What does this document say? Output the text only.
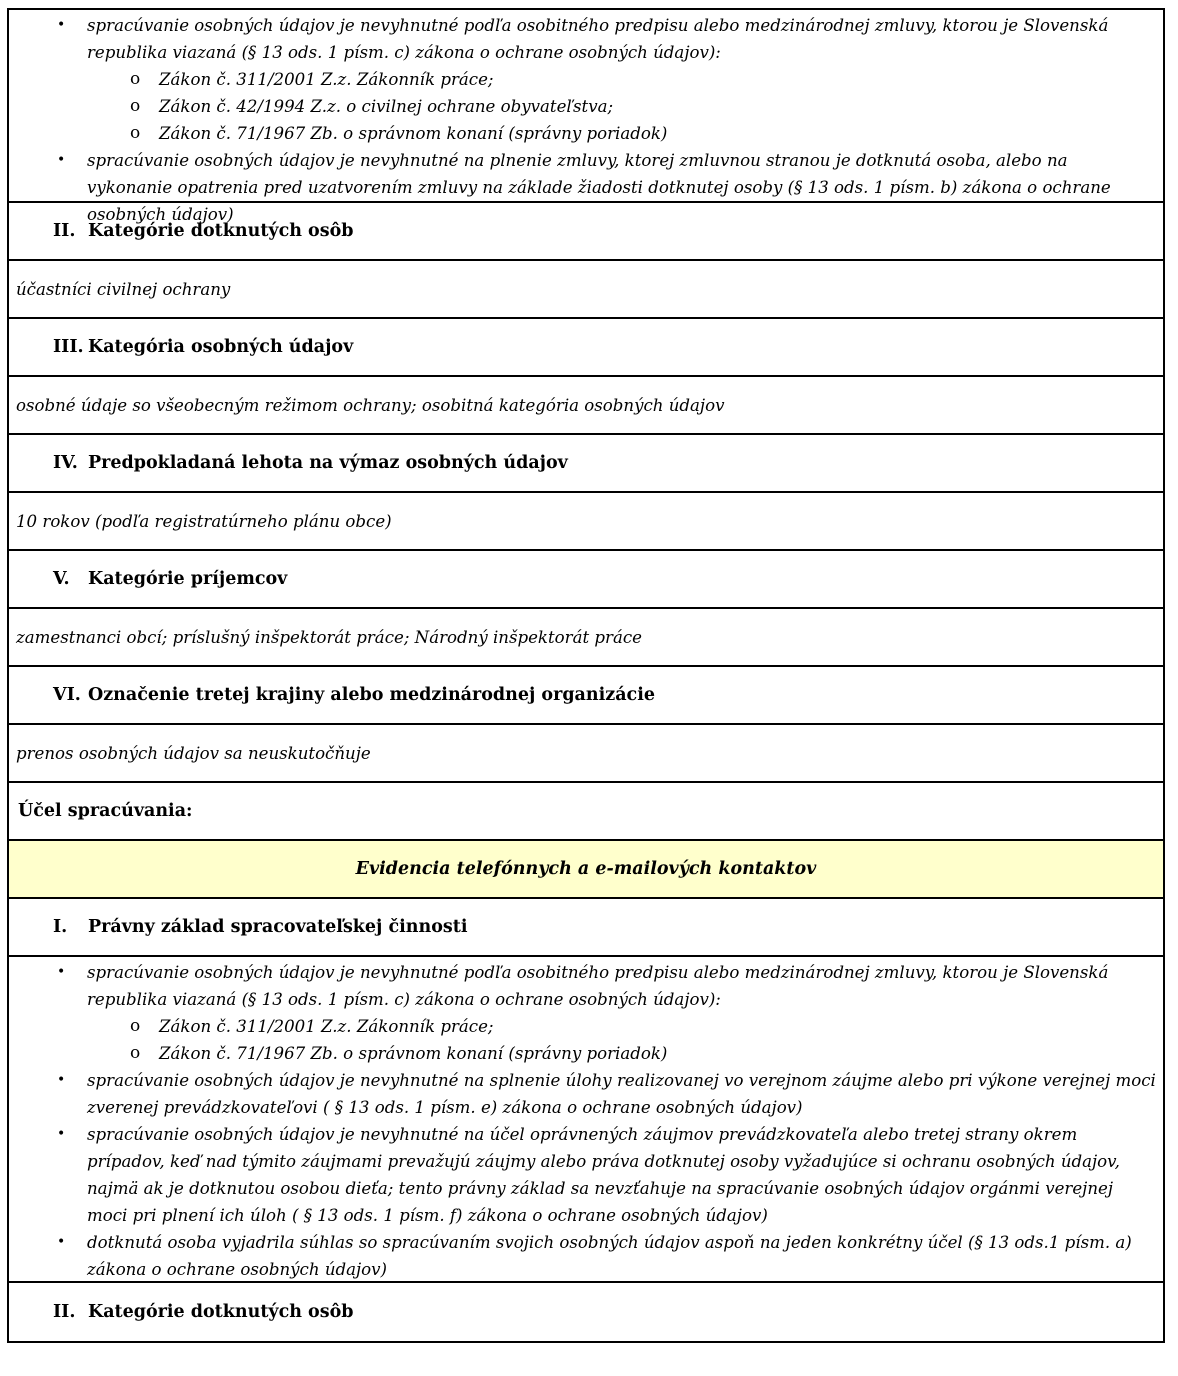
• spracúvanie osobných údajov je nevyhnutné podľa osobitného predpisu alebo medzinárodnej zmluvy, ktorou je Slovenská republika viazaná (§ 13 ods. 1 písm. c) zákona o ochrane osobných údajov):
o Zákon č. 311/2001 Z.z. Zákonník práce;
o Zákon č. 42/1994 Z.z. o civilnej ochrane obyvateľstva;
o Zákon č. 71/1967 Zb. o správnom konaní (správny poriadok)
• spracúvanie osobných údajov je nevyhnutné na plnenie zmluvy, ktorej zmluvnou stranou je dotknutá osoba, alebo na vykonanie opatrenia pred uzatvorením zmluvy na základe žiadosti dotknutej osoby (§ 13 ods. 1 písm. b) zákona o ochrane osobných údajov)
II. Kategórie dotknutých osôb
účastníci civilnej ochrany
III. Kategória osobných údajov
osobné údaje so všeobecným režimom ochrany; osobitná kategória osobných údajov
IV. Predpokladaná lehota na výmaz osobných údajov
10 rokov (podľa registratúrneho plánu obce)
V.	Kategórie príjemcov
zamestnanci obcí; príslušný inšpektorát práce; Národný inšpektorát práce
VI. Označenie tretej krajiny alebo medzinárodnej organizácie
prenos osobných údajov sa neuskutočňuje
Účel spracúvania:
Evidencia telefónnych a e-mailových kontaktov
I.	Právny základ spracovateľskej činnosti
• spracúvanie osobných údajov je nevyhnutné podľa osobitného predpisu alebo medzinárodnej zmluvy, ktorou je Slovenská republika viazaná (§ 13 ods. 1 písm. c) zákona o ochrane osobných údajov):
o Zákon č. 311/2001 Z.z. Zákonník práce;
o Zákon č. 71/1967 Zb. o správnom konaní (správny poriadok)
• spracúvanie osobných údajov je nevyhnutné na splnenie úlohy realizovanej vo verejnom záujme alebo pri výkone verejnej moci zverenej prevádzkovateľovi ( § 13 ods. 1 písm. e) zákona o ochrane osobných údajov)
• spracúvanie osobných údajov je nevyhnutné na účel oprávnených záujmov prevádzkovateľa alebo tretej strany okrem prípadov, keď nad týmito záujmami prevažujú záujmy alebo práva dotknutej osoby vyžadujúce si ochranu osobných údajov, najmä ak je dotknutou osobou dieťa; tento právny základ sa nevzťahuje na spracúvanie osobných údajov orgánmi verejnej moci pri plnení ich úloh ( § 13 ods. 1 písm. f) zákona o ochrane osobných údajov)
• dotknutá osoba vyjadrila súhlas so spracúvaním svojich osobných údajov aspoň na jeden konkrétny účel (§ 13 ods.1 písm. a) zákona o ochrane osobných údajov)
II. Kategórie dotknutých osôb
